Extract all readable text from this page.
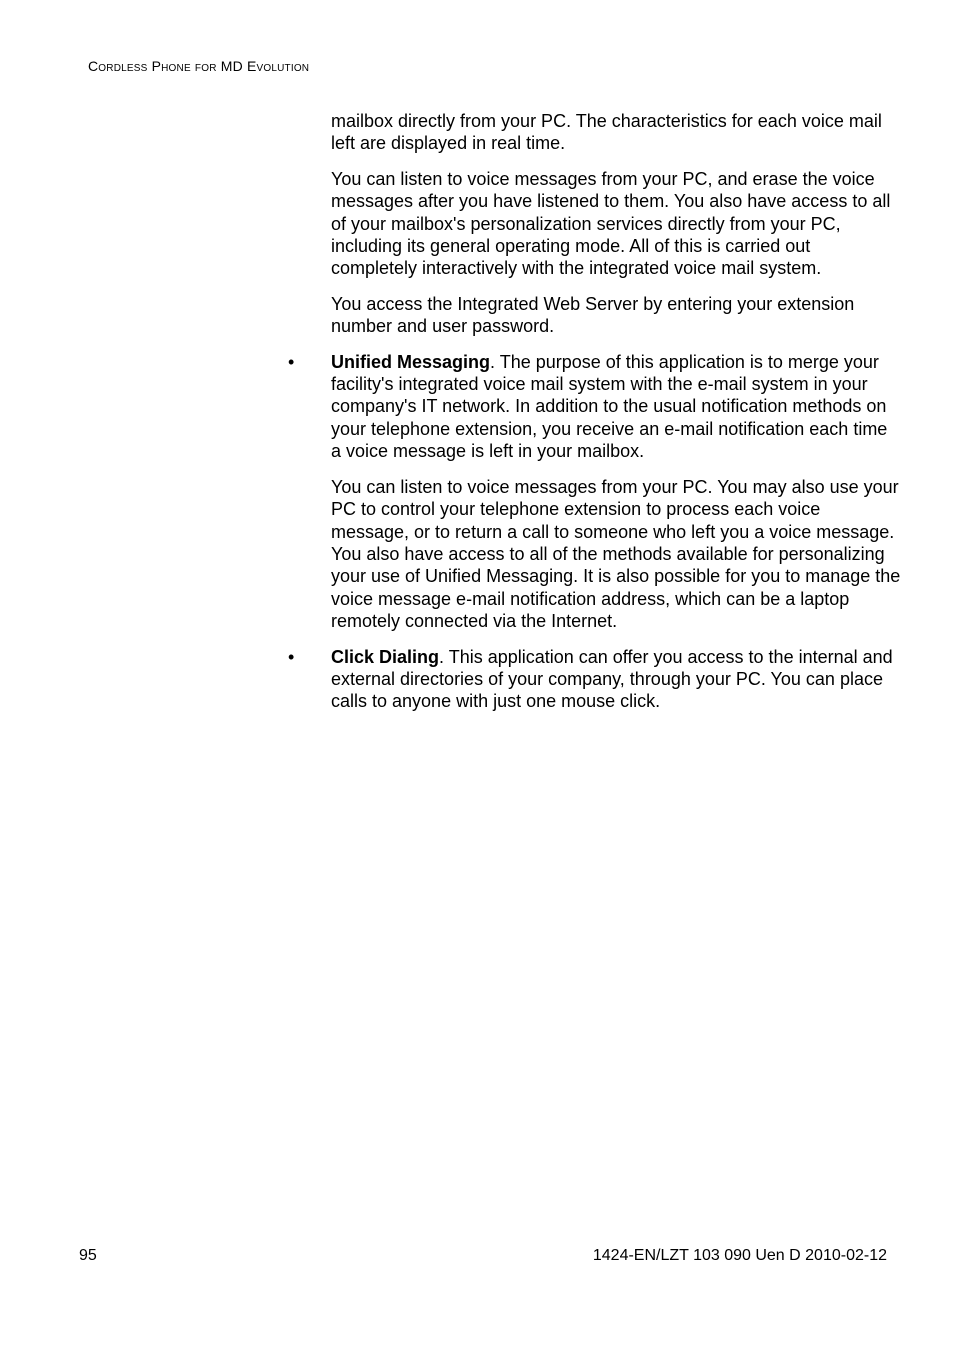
Cordless Phone for MD Evolution

mailbox directly from your PC. The characteristics for each voice mail left are displayed in real time.

You can listen to voice messages from your PC, and erase the voice messages after you have listened to them. You also have access to all of your mailbox's personalization services directly from your PC, including its general operating mode. All of this is carried out completely interactively with the integrated voice mail system.

You access the Integrated Web Server by entering your extension number and user password.

• Unified Messaging. The purpose of this application is to merge your facility's integrated voice mail system with the e-mail system in your company's IT network. In addition to the usual notification methods on your telephone extension, you receive an e-mail notification each time a voice message is left in your mailbox.

You can listen to voice messages from your PC. You may also use your PC to control your telephone extension to process each voice message, or to return a call to someone who left you a voice message. You also have access to all of the methods available for personalizing your use of Unified Messaging. It is also possible for you to manage the voice message e-mail notification address, which can be a laptop remotely connected via the Internet.

• Click Dialing. This application can offer you access to the internal and external directories of your company, through your PC. You can place calls to anyone with just one mouse click.

95	1424-EN/LZT 103 090 Uen D 2010-02-12
